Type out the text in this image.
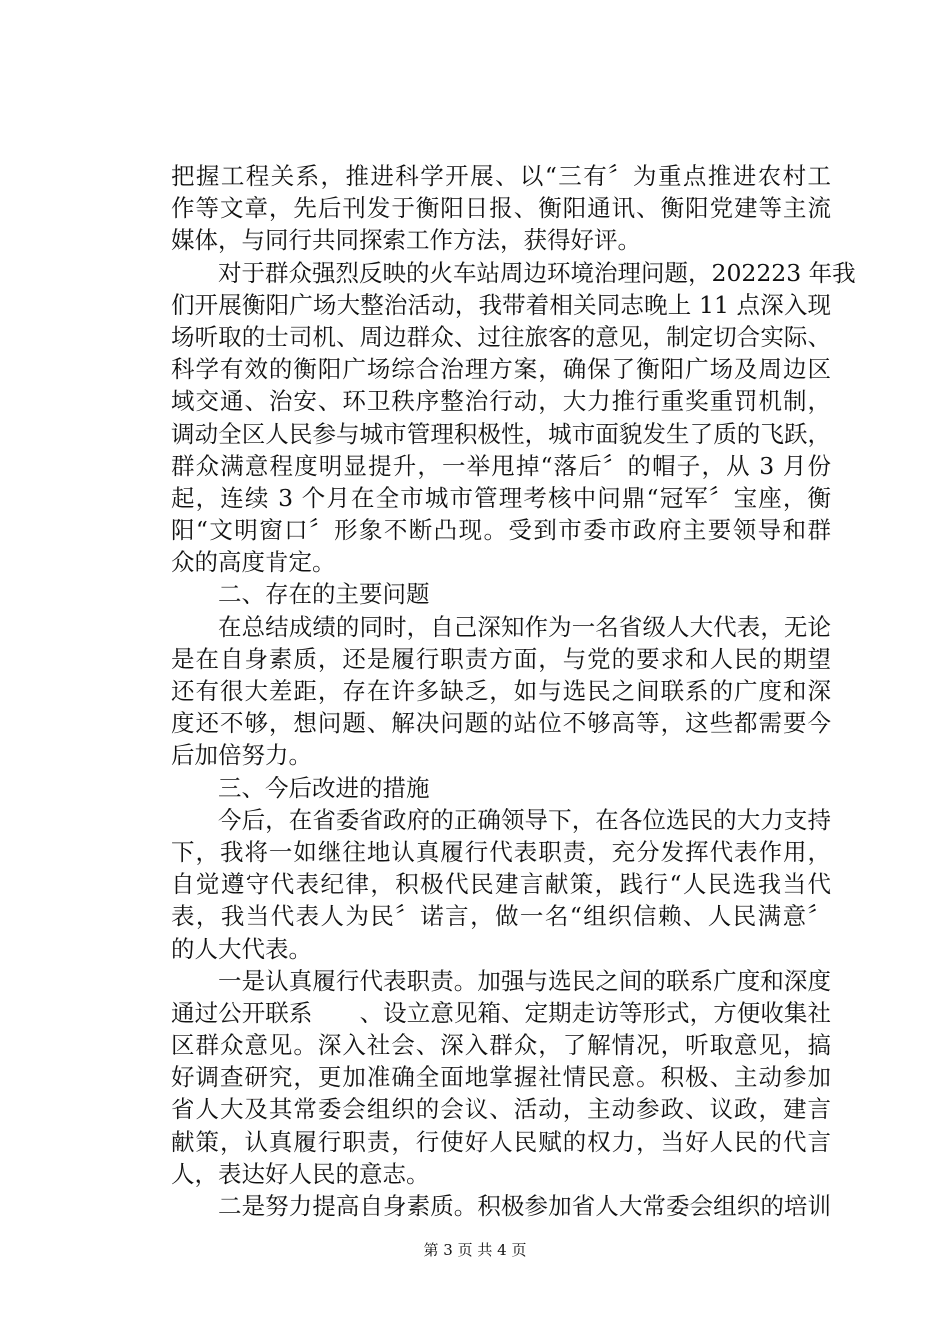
把握工程关系，推进科学开展、以“三有〞为重点推进农村工
作等文章，先后刊发于衡阳日报、衡阳通讯、衡阳党建等主流
媒体，与同行共同探索工作方法，获得好评。
对于群众强烈反映的火车站周边环境治理问题，202223 年我
们开展衡阳广场大整治活动，我带着相关同志晚上 11 点深入现
场听取的士司机、周边群众、过往旅客的意见，制定切合实际、
科学有效的衡阳广场综合治理方案，确保了衡阳广场及周边区
域交通、治安、环卫秩序整治行动，大力推行重奖重罚机制，
调动全区人民参与城市管理积极性，城市面貌发生了质的飞跃，
群众满意程度明显提升，一举甩掉“落后〞的帽子，从 3 月份
起，连续 3 个月在全市城市管理考核中问鼎“冠军〞宝座，衡
阳“文明窗口〞形象不断凸现。受到市委市政府主要领导和群
众的高度肯定。
二、存在的主要问题
在总结成绩的同时，自己深知作为一名省级人大代表，无论
是在自身素质，还是履行职责方面，与党的要求和人民的期望
还有很大差距，存在许多缺乏，如与选民之间联系的广度和深
度还不够，想问题、解决问题的站位不够高等，这些都需要今
后加倍努力。
三、今后改进的措施
今后，在省委省政府的正确领导下，在各位选民的大力支持
下，我将一如继往地认真履行代表职责，充分发挥代表作用，
自觉遵守代表纪律，积极代民建言献策，践行“人民选我当代
表，我当代表人为民〞诺言，做一名“组织信赖、人民满意〞
的人大代表。
一是认真履行代表职责。加强与选民之间的联系广度和深度
通过公开联系　　、设立意见箱、定期走访等形式，方便收集社
区群众意见。深入社会、深入群众，了解情况，听取意见，搞
好调查研究，更加准确全面地掌握社情民意。积极、主动参加
省人大及其常委会组织的会议、活动，主动参政、议政，建言
献策，认真履行职责，行使好人民赋的权力，当好人民的代言
人，表达好人民的意志。
二是努力提高自身素质。积极参加省人大常委会组织的培训
第 3 页 共 4 页
